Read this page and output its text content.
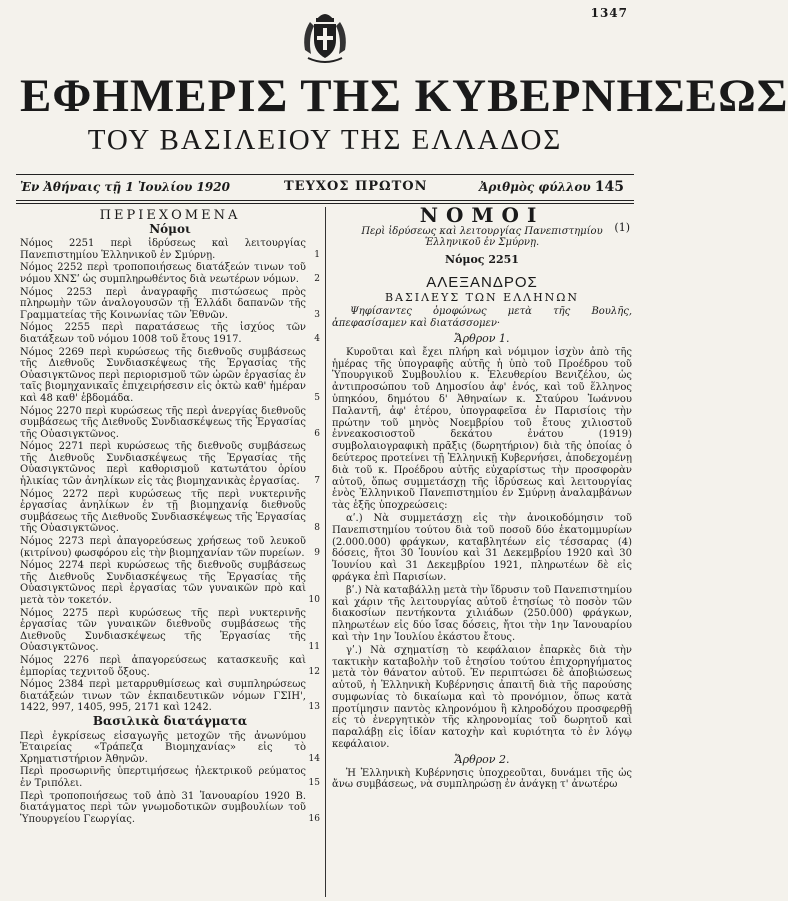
1347
ΕΦΗΜΕΡΙΣ ΤΗΣ ΚΥΒΕΡΝΗΣΕΩΣ
ΤΟΥ ΒΑΣΙΛΕΙΟΥ ΤΗΣ ΕΛΛΑΔΟΣ
Ἐν Ἀθήναις τῇ 1 Ἰουλίου 1920	ΤΕΥΧΟΣ ΠΡΩΤΟΝ	Ἀριθμὸς φύλλου 145
ΠΕΡΙΕΧΟΜΕΝΑ
Νόμοι
Νόμος 2251 περὶ ἱδρύσεως καὶ λειτουργίας Πανεπιστημίου Ἑλληνικοῦ ἐν Σμύρνῃ.	1
Νόμος 2252 περὶ τροποποιήσεως διατάξεών τινων τοῦ νόμου ΧΝΣʹ ὡς συμπληρωθέντος διὰ νεωτέρων νόμων. 2
Νόμος 2253 περὶ ἀναγραφῆς πιστώσεως πρὸς πληρωμὴν τῶν ἀναλογουσῶν τῇ Ἑλλάδι δαπανῶν τῆς Γραμματείας τῆς Κοινωνίας τῶν Ἐθνῶν.	3
Νόμος 2255 περὶ παρατάσεως τῆς ἰσχύος τῶν διατάξεων τοῦ νόμου 1008 τοῦ ἔτους 1917.	4
Νόμος 2269 περὶ κυρώσεως τῆς διεθνοῦς συμβάσεως τῆς Διεθνοῦς Συνδιασκέψεως τῆς Ἐργασίας τῆς Οὐασιγκτῶνος περὶ περιορισμοῦ τῶν ὡρῶν ἐργασίας ἐν ταῖς βιομηχανικαῖς ἐπιχειρήσεσιν εἰς ὀκτὼ καθ' ἡμέραν καὶ 48 καθ' ἑβδομάδα.	5
Νόμος 2270 περὶ κυρώσεως τῆς περὶ ἀνεργίας διεθνοῦς συμβάσεως τῆς Διεθνοῦς Συνδιασκέψεως τῆς Ἐργασίας τῆς Οὐασιγκτῶνος.	6
Νόμος 2271 περὶ κυρώσεως τῆς διεθνοῦς συμβάσεως τῆς Διεθνοῦς Συνδιασκέψεως τῆς Ἐργασίας τῆς Οὐασιγκτῶνος περὶ καθορισμοῦ κατωτάτου ὁρίου ἡλικίας τῶν ἀνηλίκων εἰς τὰς βιομηχανικὰς ἐργασίας. 7
Νόμος 2272 περὶ κυρώσεως τῆς περὶ νυκτερινῆς ἐργασίας ἀνηλίκων ἐν τῇ βιομηχανίᾳ διεθνοῦς συμβάσεως τῆς Διεθνοῦς Συνδιασκέψεως τῆς Ἐργασίας τῆς Οὐασιγκτῶνος.	8
Νόμος 2273 περὶ ἀπαγορεύσεως χρήσεως τοῦ λευκοῦ (κιτρίνου) φωσφόρου εἰς τὴν βιομηχανίαν τῶν πυρείων. 9
Νόμος 2274 περὶ κυρώσεως τῆς διεθνοῦς συμβάσεως τῆς Διεθνοῦς Συνδιασκέψεως τῆς Ἐργασίας τῆς Οὐασιγκτῶνος περὶ ἐργασίας τῶν γυναικῶν πρὸ καὶ μετὰ τὸν τοκετόν.	10
Νόμος 2275 περὶ κυρώσεως τῆς περὶ νυκτερινῆς ἐργασίας τῶν γυναικῶν διεθνοῦς συμβάσεως τῆς Διεθνοῦς Συνδιασκέψεως τῆς Ἐργασίας τῆς Οὐασιγκτῶνος.	11
Νόμος 2276 περὶ ἀπαγορεύσεως κατασκευῆς καὶ ἐμπορίας τεχνιτοῦ ὄξους.	12
Νόμος 2384 περὶ μεταρρυθμίσεως καὶ συμπληρώσεως διατάξεών τινων τῶν ἐκπαιδευτικῶν νόμων ΓΣΙΗ', 1422, 997, 1405, 995, 2171 καὶ 1242.	13
Βασιλικὰ διατάγματα
Περὶ ἐγκρίσεως εἰσαγωγῆς μετοχῶν τῆς ἀνωνύμου Ἑταιρείας «Τράπεζα Βιομηχανίας» εἰς τὸ Χρηματιστήριον Ἀθηνῶν.	14
Περὶ προσωρινῆς ὑπερτιμήσεως ἠλεκτρικοῦ ρεύματος ἐν Τριπόλει.	15
Περὶ τροποποιήσεως τοῦ ἀπὸ 31 Ἰανουαρίου 1920 Β. διατάγματος περὶ τῶν γνωμοδοτικῶν συμβουλίων τοῦ Ὑπουργείου Γεωργίας.	16
ΝΟΜΟΙ
Περὶ ἱδρύσεως καὶ λειτουργίας Πανεπιστημίου Ἑλληνικοῦ ἐν Σμύρνῃ.
(1)
Νόμος 2251
ΑΛΕΞΑΝΔΡΟΣ
ΒΑΣΙΛΕΥΣ ΤΩΝ ΕΛΛΗΝΩΝ
Ψηφίσαντες ὁμοφώνως μετὰ τῆς Βουλῆς, ἀπεφασίσαμεν καὶ διατάσσομεν·
Ἄρθρον 1.
Κυροῦται καὶ ἔχει πλήρη καὶ νόμιμον ἰσχὺν ἀπὸ τῆς ἡμέρας τῆς ὑπογραφῆς αὐτῆς ἡ ὑπὸ τοῦ Προέδρου τοῦ Ὑπουργικοῦ Συμβουλίου κ. Ἐλευθερίου Βενιζέλου, ὡς ἀντιπροσώπου τοῦ Δημοσίου ἀφ' ἑνός, καὶ τοῦ ἕλληνος ὑπηκόου, δημότου δ' Ἀθηναίων κ. Σταύρου Ἰωάννου Παλαντῆ, ἀφ' ἑτέρου, ὑπογραφεῖσα ἐν Παρισίοις τὴν πρώτην τοῦ μηνὸς Νοεμβρίου τοῦ ἔτους χιλιοστοῦ ἐννεακοσιοστοῦ δεκάτου ἐνάτου (1919) συμβολαιογραφικὴ πρᾶξις (δωρητήριον) διὰ τῆς ὁποίας ὁ δεύτερος προτείνει τῇ Ἑλληνικῇ Κυβερνήσει, ἀποδεχομένῃ διὰ τοῦ κ. Προέδρου αὐτῆς εὐχαρίστως τὴν προσφορὰν αὐτοῦ, ὅπως συμμετάσχῃ τῆς ἱδρύσεως καὶ λειτουργίας ἑνὸς Ἑλληνικοῦ Πανεπιστημίου ἐν Σμύρνῃ ἀναλαμβάνων τὰς ἑξῆς ὑποχρεώσεις:
αʹ.) Νὰ συμμετάσχῃ εἰς τὴν ἀνοικοδόμησιν τοῦ Πανεπιστημίου τούτου διὰ τοῦ ποσοῦ δύο ἑκατομμυρίων (2.000.000) φράγκων, καταβλητέων εἰς τέσσαρας (4) δόσεις, ἤτοι 30 Ἰουνίου καὶ 31 Δεκεμβρίου 1920 καὶ 30 Ἰουνίου καὶ 31 Δεκεμβρίου 1921, πληρωτέων δὲ εἰς φράγκα ἐπὶ Παρισίων.
βʹ.) Νὰ καταβάλλῃ μετὰ τὴν ἵδρυσιν τοῦ Πανεπιστημίου καὶ χάριν τῆς λειτουργίας αὐτοῦ ἐτησίως τὸ ποσὸν τῶν διακοσίων πεντήκοντα χιλιάδων (250.000) φράγκων, πληρωτέων εἰς δύο ἴσας δόσεις, ἤτοι τὴν 1ην Ἰανουαρίου καὶ τὴν 1ην Ἰουλίου ἑκάστου ἔτους.
γʹ.) Νὰ σχηματίσῃ τὸ κεφάλαιον ἐπαρκὲς διὰ τὴν τακτικὴν καταβολὴν τοῦ ἐτησίου τούτου ἐπιχορηγήματος μετὰ τὸν θάνατον αὐτοῦ. Ἐν περιπτώσει δὲ ἀποβιώσεως αὐτοῦ, ἡ Ἑλληνικὴ Κυβέρνησις ἀπαιτῆ διὰ τῆς παρούσης συμφωνίας τὸ δικαίωμα καὶ τὸ προνόμιον, ὅπως κατὰ προτίμησιν παντὸς κληρονόμου ἢ κληροδόχου προσφερθῇ εἰς τὸ ἐνεργητικὸν τῆς κληρονομίας τοῦ δωρητοῦ καὶ παραλάβῃ εἰς ἰδίαν κατοχὴν καὶ κυριότητα τὸ ἐν λόγῳ κεφάλαιον.
Ἄρθρον 2.
Ἡ Ἑλληνικὴ Κυβέρνησις ὑποχρεοῦται, δυνάμει τῆς ὡς ἄνω συμβάσεως, νὰ συμπληρώσῃ ἐν ἀνάγκῃ τ' ἀνωτέρω
